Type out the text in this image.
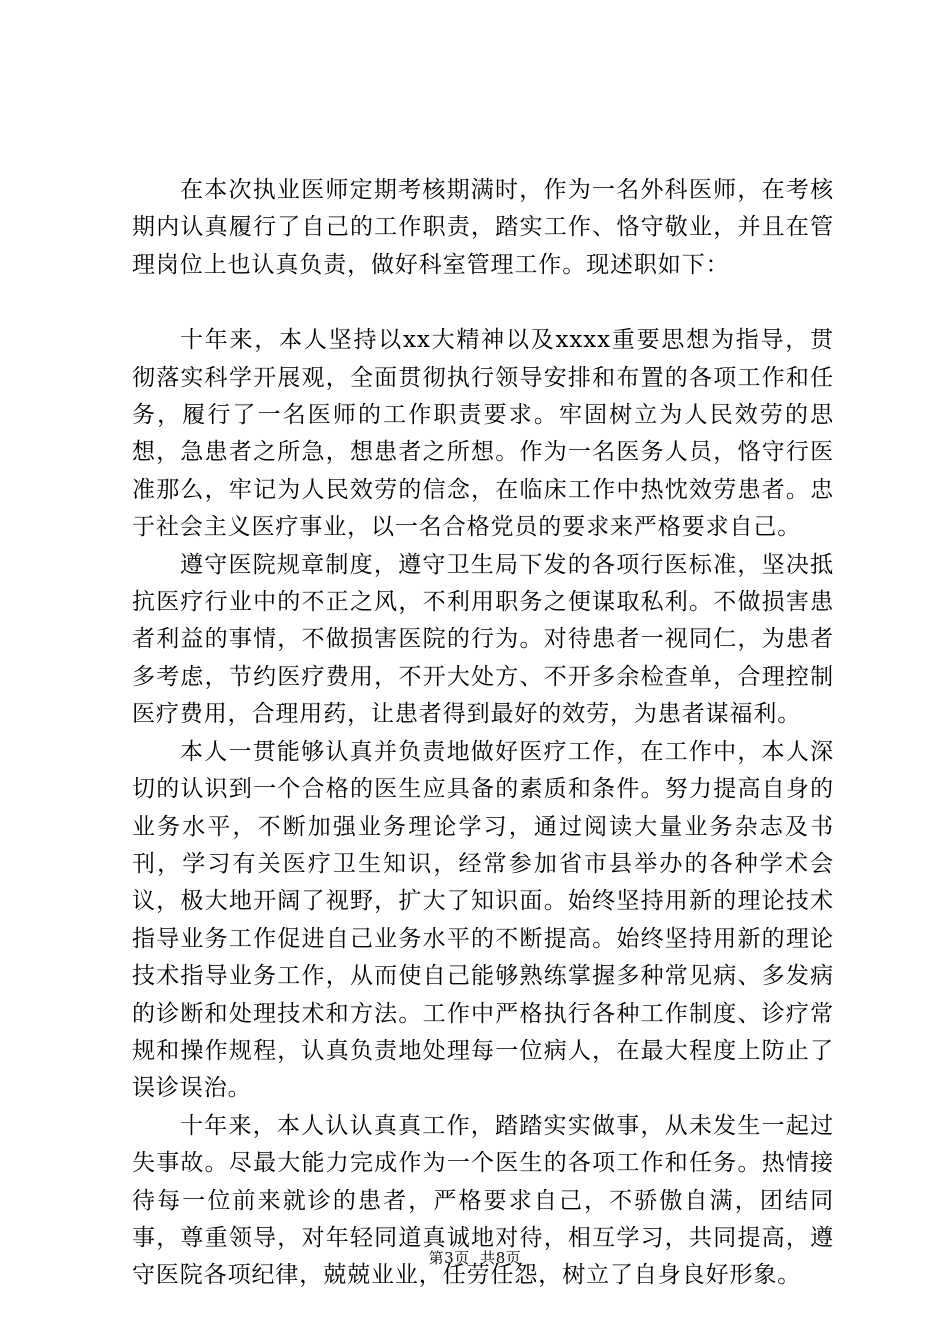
在本次执业医师定期考核期满时，作为一名外科医师，在考核期内认真履行了自己的工作职责，踏实工作、恪守敬业，并且在管理岗位上也认真负责，做好科室管理工作。现述职如下：

十年来，本人坚持以xx大精神以及xxxx重要思想为指导，贯彻落实科学开展观，全面贯彻执行领导安排和布置的各项工作和任务，履行了一名医师的工作职责要求。牢固树立为人民效劳的思想，急患者之所急，想患者之所想。作为一名医务人员，恪守行医准那么，牢记为人民效劳的信念，在临床工作中热忱效劳患者。忠于社会主义医疗事业，以一名合格党员的要求来严格要求自己。

遵守医院规章制度，遵守卫生局下发的各项行医标准，坚决抵抗医疗行业中的不正之风，不利用职务之便谋取私利。不做损害患者利益的事情，不做损害医院的行为。对待患者一视同仁，为患者多考虑，节约医疗费用，不开大处方、不开多余检查单，合理控制医疗费用，合理用药，让患者得到最好的效劳，为患者谋福利。

本人一贯能够认真并负责地做好医疗工作，在工作中，本人深切的认识到一个合格的医生应具备的素质和条件。努力提高自身的业务水平，不断加强业务理论学习，通过阅读大量业务杂志及书刊，学习有关医疗卫生知识，经常参加省市县举办的各种学术会议，极大地开阔了视野，扩大了知识面。始终坚持用新的理论技术指导业务工作促进自己业务水平的不断提高。始终坚持用新的理论技术指导业务工作，从而使自己能够熟练掌握多种常见病、多发病的诊断和处理技术和方法。工作中严格执行各种工作制度、诊疗常规和操作规程，认真负责地处理每一位病人，在最大程度上防止了误诊误治。

十年来，本人认认真真工作，踏踏实实做事，从未发生一起过失事故。尽最大能力完成作为一个医生的各项工作和任务。热情接待每一位前来就诊的患者，严格要求自己，不骄傲自满，团结同事，尊重领导，对年轻同道真诚地对待，相互学习，共同提高，遵守医院各项纪律，兢兢业业，任劳任怨，树立了自身良好形象。

第3页 共8页
